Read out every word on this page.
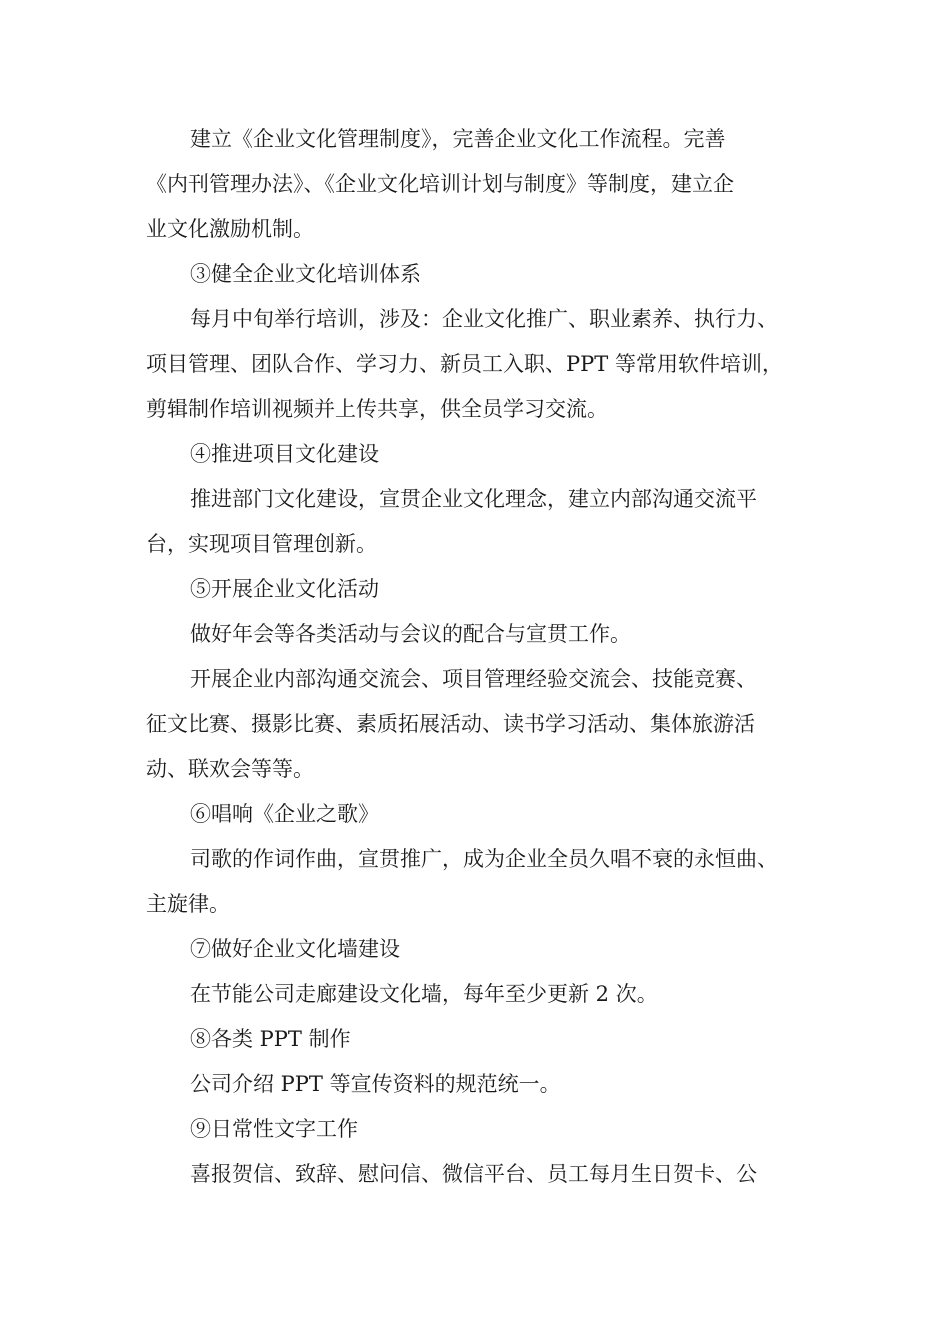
建立《企业文化管理制度》，完善企业文化工作流程。完善
《内刊管理办法》、《企业文化培训计划与制度》等制度，建立企
业文化激励机制。
③健全企业文化培训体系
每月中旬举行培训，涉及：企业文化推广、职业素养、执行力、
项目管理、团队合作、学习力、新员工入职、PPT 等常用软件培训，
剪辑制作培训视频并上传共享，供全员学习交流。
④推进项目文化建设
推进部门文化建设，宣贯企业文化理念，建立内部沟通交流平
台，实现项目管理创新。
⑤开展企业文化活动
做好年会等各类活动与会议的配合与宣贯工作。
开展企业内部沟通交流会、项目管理经验交流会、技能竞赛、
征文比赛、摄影比赛、素质拓展活动、读书学习活动、集体旅游活
动、联欢会等等。
⑥唱响《企业之歌》
司歌的作词作曲，宣贯推广，成为企业全员久唱不衰的永恒曲、
主旋律。
⑦做好企业文化墙建设
在节能公司走廊建设文化墙，每年至少更新 2 次。
⑧各类 PPT 制作
公司介绍 PPT 等宣传资料的规范统一。
⑨日常性文字工作
喜报贺信、致辞、慰问信、微信平台、员工每月生日贺卡、公
